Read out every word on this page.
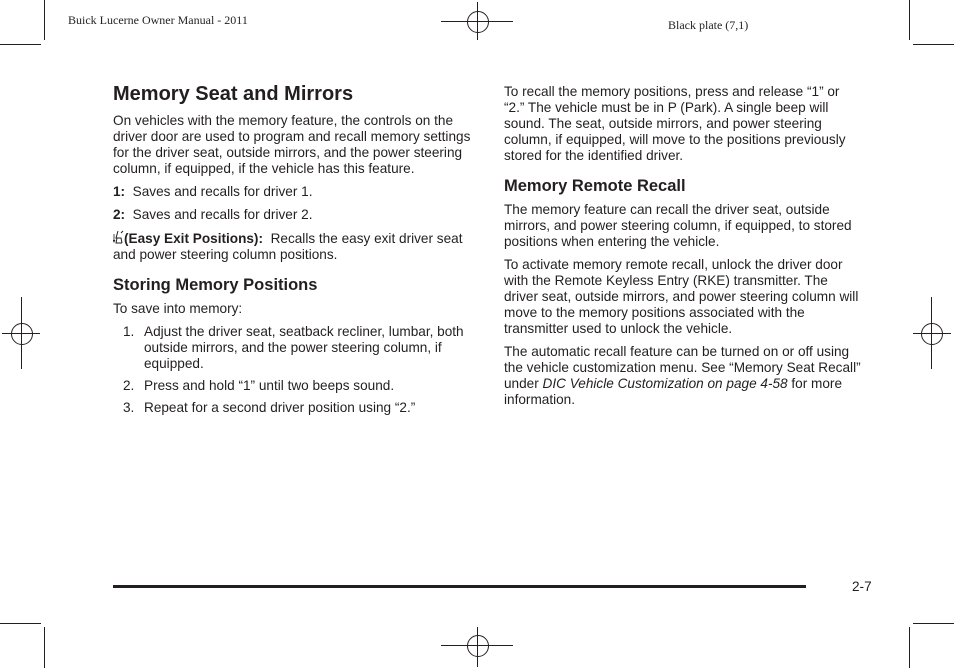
Buick Lucerne Owner Manual - 2011	Black plate (7,1)
Memory Seat and Mirrors

On vehicles with the memory feature, the controls on the driver door are used to program and recall memory settings for the driver seat, outside mirrors, and the power steering column, if equipped, if the vehicle has this feature.

1: Saves and recalls for driver 1.

2: Saves and recalls for driver 2.

(Easy Exit Positions): Recalls the easy exit driver seat and power steering column positions.

Storing Memory Positions

To save into memory:

1. Adjust the driver seat, seatback recliner, lumbar, both outside mirrors, and the power steering column, if equipped.
2. Press and hold “1” until two beeps sound.
3. Repeat for a second driver position using “2.”

To recall the memory positions, press and release “1” or “2.” The vehicle must be in P (Park). A single beep will sound. The seat, outside mirrors, and power steering column, if equipped, will move to the positions previously stored for the identified driver.

Memory Remote Recall

The memory feature can recall the driver seat, outside mirrors, and power steering column, if equipped, to stored positions when entering the vehicle.

To activate memory remote recall, unlock the driver door with the Remote Keyless Entry (RKE) transmitter. The driver seat, outside mirrors, and power steering column will move to the memory positions associated with the transmitter used to unlock the vehicle.

The automatic recall feature can be turned on or off using the vehicle customization menu. See “Memory Seat Recall” under DIC Vehicle Customization on page 4-58 for more information.

2-7
